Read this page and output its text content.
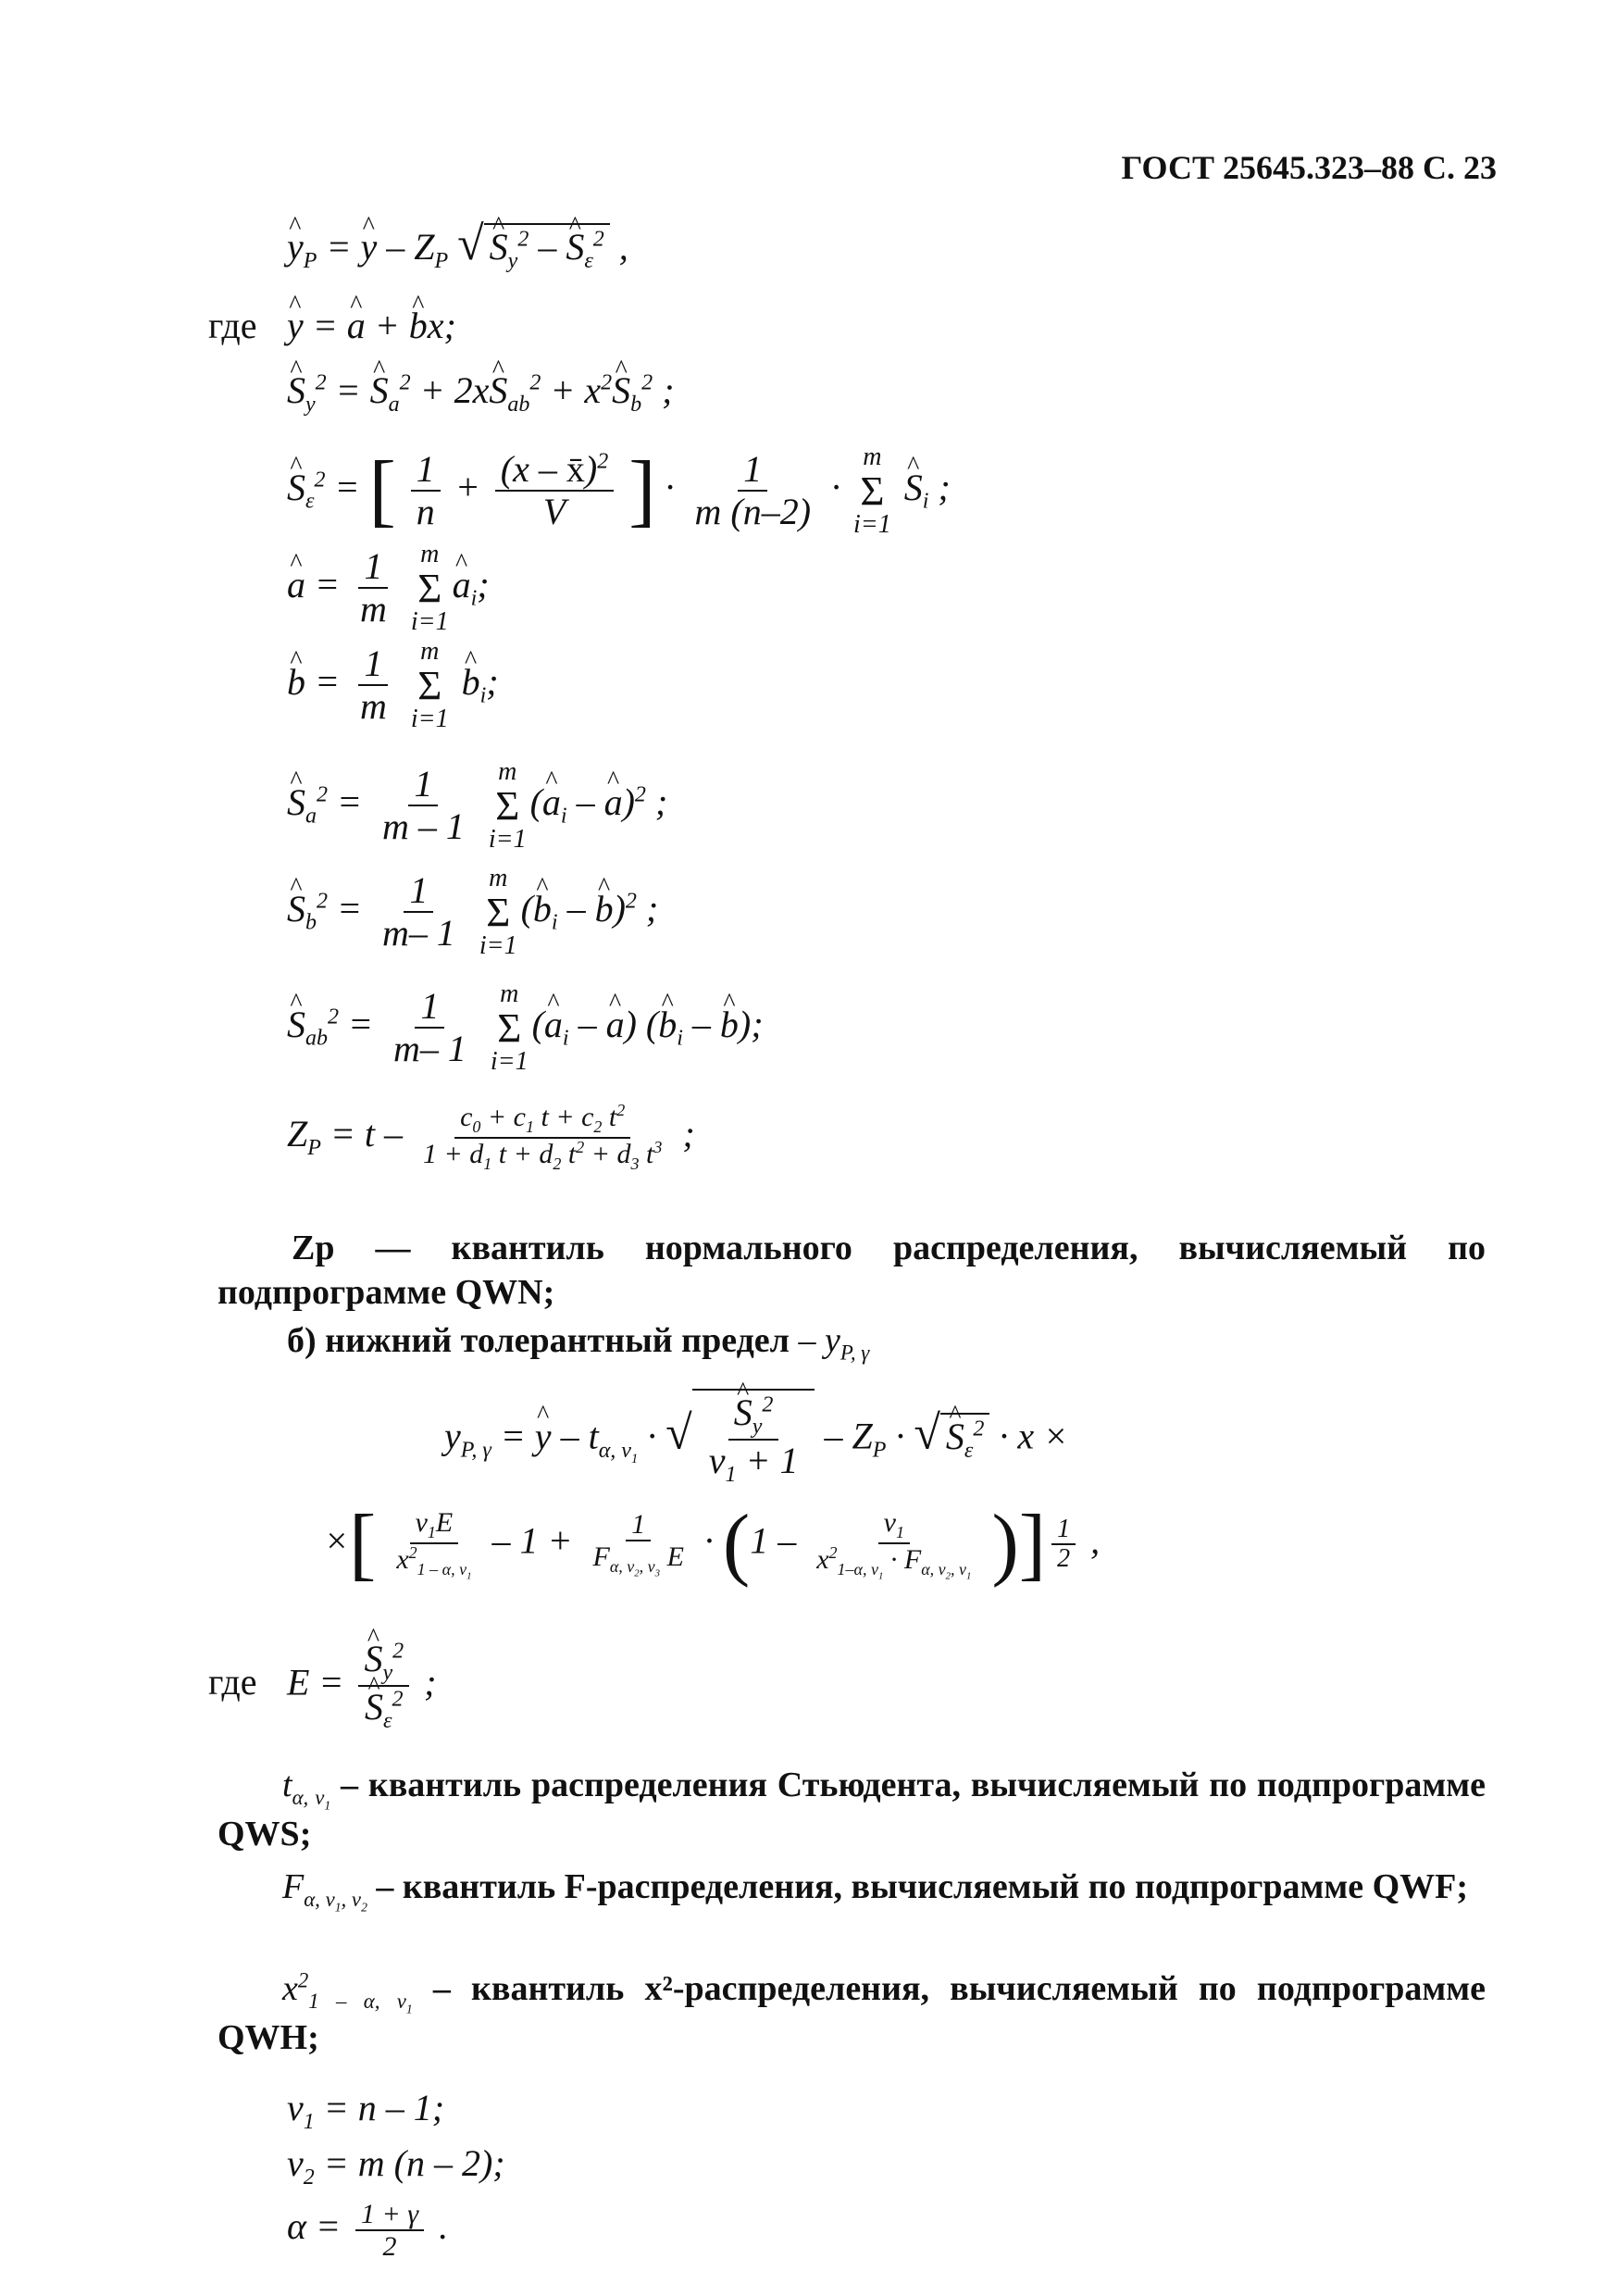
ГОСТ 25645.323–88 С. 23
^ $y_P$ = ^ y – $Z_P$ √ ^ $S_y^2$ – ^ $S_\varepsilon^2$ ,
где ^ y = ^ a + ^ bx;
^ $S_y^2$ = ^ $S_a^2$ + 2x^ $S_{ab}^2$ + $x^2\^{}$ $S_b^2$ ;
^ $S_\varepsilon^2$ = [ $\frac{1}{n} + \frac{(x - x̄)^2}{V}$ ] · $\frac{1}{m (n-2)}$ ·
m
Σ
i=1
^ $S_i$ ;
^ $a = \frac{1}{m}$
m
Σ
i=1
^ $a_i$;
^ $b = \frac{1}{m}$
m
Σ
i=1
^ $b_i$;
^ $S_a^2 = \frac{1}{m - 1}$
m
Σ
i=1
(^ $a_i$ – ^ a)$^2$ ;
^ $S_b^2 = \frac{1}{m- 1}$
m
Σ
i=1
(^ $b_i$ – ^ b)$^2$ ;
^ $S_{ab}^2 = \frac{1}{m- 1}$
m
Σ
i=1
(^ $a_i$ – ^ a) (^ $b_i$ – ^ b);
$Z_P = t - \frac{c_0 + c_1 t + c_2 t^2}{1 + d_1 t + d_2 t^2 + d_3 t^3}$ ;
Zp — квантиль нормального распределения, вычисляемый по подпрограмме QWN;
б) нижний толерантный предел – $y_{P, \gamma}$
$y_{P, \gamma}$ = ^ y – $t_{\alpha, \nu_1}$ · √ ^ $\frac{S_y^2}{\nu_1 + 1} - Z_P$ · √ ^ $S_\varepsilon^2 \cdot x$ ×
×[ $\frac{\nu_1E}{x^2_{1 - \alpha, \nu_1}} - 1 + \frac{1}{F_{\alpha, \nu_2, \nu_3} E} \cdot (1 - \frac{\nu_1}{x^2_{1-\alpha, \nu_1} \cdot F_{\alpha, \nu_2, \nu_1}}$ )] $\frac{1}{2}$ ,
где E = ^ $S_y^2$
^ $S_\varepsilon^2$ ;
$t_{\alpha, \nu_1}$ – квантиль распределения Стьюдента, вычисляемый по подпрограмме QWS;
$F_{\alpha, \nu_1, \nu_2}$ – квантиль F-распределения, вычисляемый по подпрограмме QWF;
$x^2_{1 - \alpha, \nu_1}$ – квантиль x²-распределения, вычисляемый по подпрограмме QWH;
$\nu_1 = n - 1$;
$\nu_2 = m$ (n – 2);
$\alpha = \frac{1 + \gamma}{2}$ .
